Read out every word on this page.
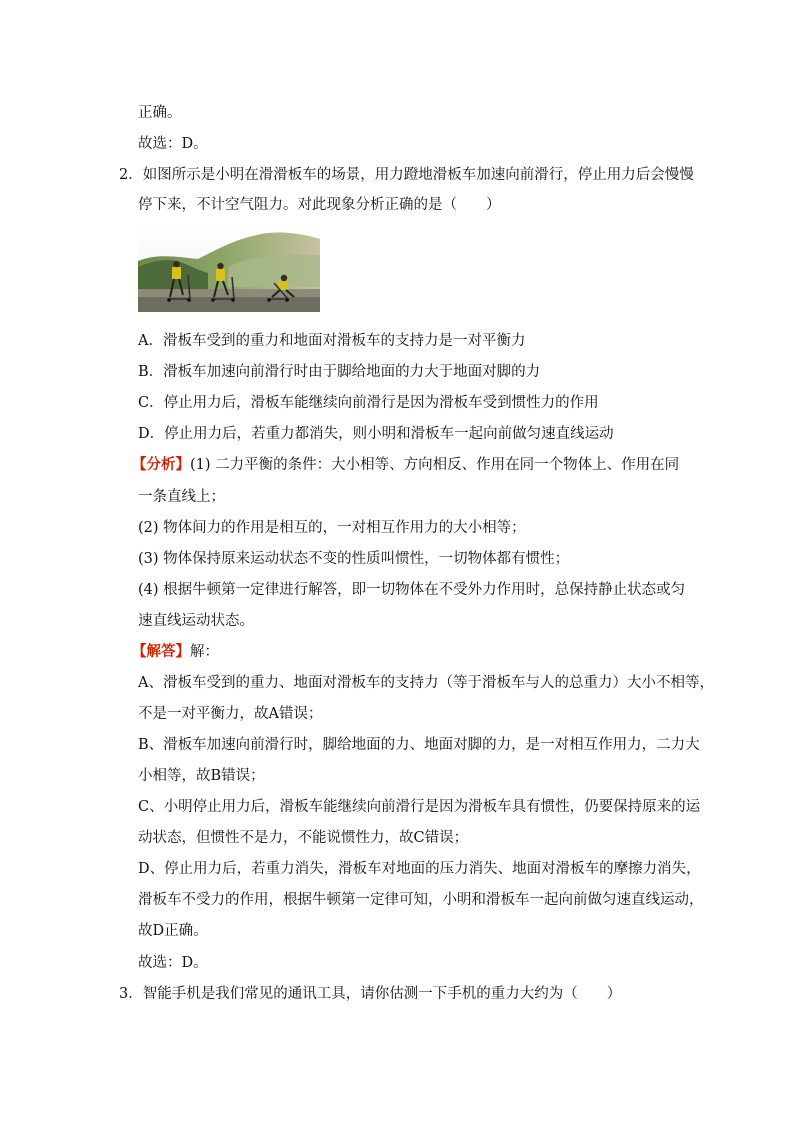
正确。
故选：D。
2．如图所示是小明在滑滑板车的场景，用力蹬地滑板车加速向前滑行，停止用力后会慢慢
停下来，不计空气阻力。对此现象分析正确的是（　　）
A．滑板车受到的重力和地面对滑板车的支持力是一对平衡力
B．滑板车加速向前滑行时由于脚给地面的力大于地面对脚的力
C．停止用力后，滑板车能继续向前滑行是因为滑板车受到惯性力的作用
D．停止用力后，若重力都消失，则小明和滑板车一起向前做匀速直线运动
【分析】(1) 二力平衡的条件：大小相等、方向相反、作用在同一个物体上、作用在同
一条直线上；
(2) 物体间力的作用是相互的，一对相互作用力的大小相等；
(3) 物体保持原来运动状态不变的性质叫惯性，一切物体都有惯性；
(4) 根据牛顿第一定律进行解答，即一切物体在不受外力作用时，总保持静止状态或匀
速直线运动状态。
【解答】解：
A、滑板车受到的重力、地面对滑板车的支持力（等于滑板车与人的总重力）大小不相等，
不是一对平衡力，故A错误；
B、滑板车加速向前滑行时，脚给地面的力、地面对脚的力，是一对相互作用力，二力大
小相等，故B错误；
C、小明停止用力后，滑板车能继续向前滑行是因为滑板车具有惯性，仍要保持原来的运
动状态，但惯性不是力，不能说惯性力，故C错误；
D、停止用力后，若重力消失，滑板车对地面的压力消失、地面对滑板车的摩擦力消失，
滑板车不受力的作用，根据牛顿第一定律可知，小明和滑板车一起向前做匀速直线运动，
故D正确。
故选：D。
3．智能手机是我们常见的通讯工具，请你估测一下手机的重力大约为（　　）
